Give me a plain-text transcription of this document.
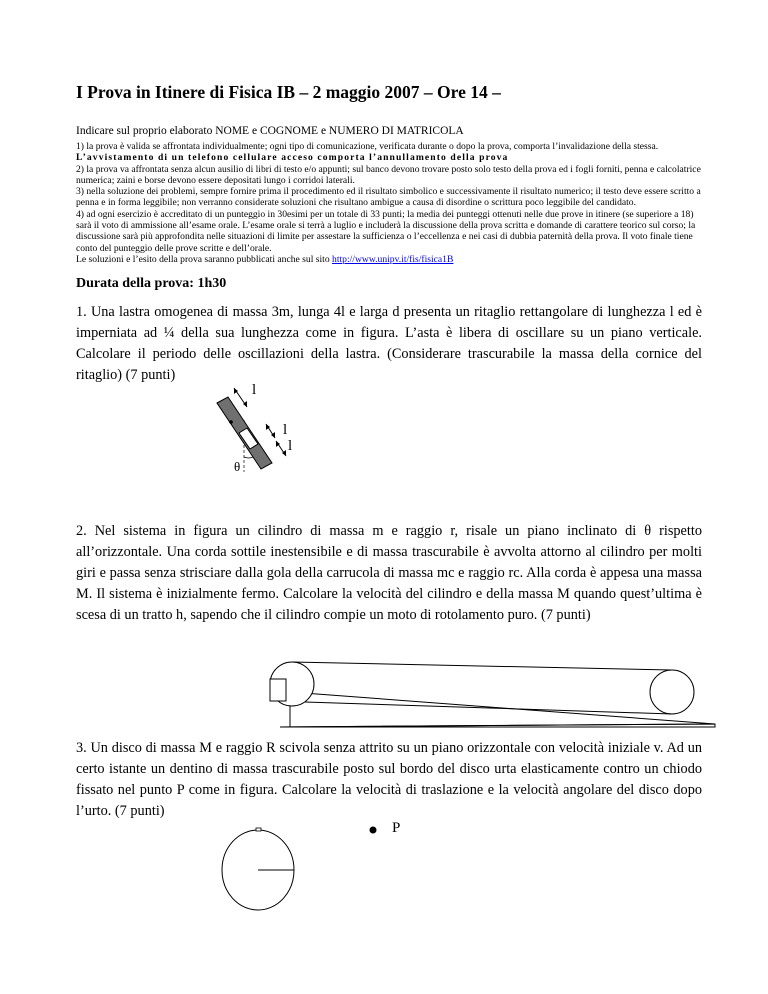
I Prova in Itinere di Fisica IB – 2 maggio 2007 – Ore 14 –
Indicare sul proprio elaborato NOME e COGNOME e NUMERO DI MATRICOLA

1) la prova è valida se affrontata individualmente; ogni tipo di comunicazione, verificata durante o dopo la prova, comporta l’invalidazione della stessa. L’avvistamento di un telefono cellulare acceso comporta l’annullamento della prova

2) la prova va affrontata senza alcun ausilio di libri di testo e/o appunti; sul banco devono trovare posto solo testo della prova ed i fogli forniti, penna e calcolatrice numerica; zaini e borse devono essere depositati lungo i corridoi laterali.

3) nella soluzione dei problemi, sempre fornire prima il procedimento ed il risultato simbolico e successivamente il risultato numerico; il testo deve essere scritto a penna e in forma leggibile; non verranno considerate soluzioni che risultano ambigue a causa di disordine o scrittura poco leggibile del candidato.

4) ad ogni esercizio è accreditato di un punteggio in 30esimi per un totale di 33 punti; la media dei punteggi ottenuti nelle due prove in itinere (se superiore a 18) sarà il voto di ammissione all’esame orale. L’esame orale si terrà a luglio e includerà la discussione della prova scritta e domande di carattere teorico sul corso; la discussione sarà più approfondita nelle situazioni di limite per assestare la sufficienza o l’eccellenza e nei casi di dubbia paternità della prova. Il voto finale tiene conto del punteggio delle prove scritte e dell’orale.

Le soluzioni e l’esito della prova saranno pubblicati anche sul sito http://www.unipv.it/fis/fisica1B

Durata della prova: 1h30

1. Una lastra omogenea di massa 3m, lunga 4l e larga d presenta un ritaglio rettangolare di lunghezza l ed è imperniata ad ¼ della sua lunghezza come in figura. L’asta è libera di oscillare su un piano verticale. Calcolare il periodo delle oscillazioni della lastra. (Considerare trascurabile la massa della cornice del ritaglio) (7 punti)

2. Nel sistema in figura un cilindro di massa m e raggio r, risale un piano inclinato di θ rispetto all’orizzontale. Una corda sottile inestensibile e di massa trascurabile è avvolta attorno al cilindro per molti giri e passa senza strisciare dalla gola della carrucola di massa mc e raggio rc. Alla corda è appesa una massa M. Il sistema è inizialmente fermo. Calcolare la velocità del cilindro e della massa M quando quest’ultima è scesa di un tratto h, sapendo che il cilindro compie un moto di rotolamento puro. (7 punti)

3. Un disco di massa M e raggio R scivola senza attrito su un piano orizzontale con velocità iniziale v. Ad un certo istante un dentino di massa trascurabile posto sul bordo del disco urta elasticamente contro un chiodo fissato nel punto P come in figura. Calcolare la velocità di traslazione e la velocità angolare del disco dopo l’urto. (7 punti)

l
l
l
θ
P
